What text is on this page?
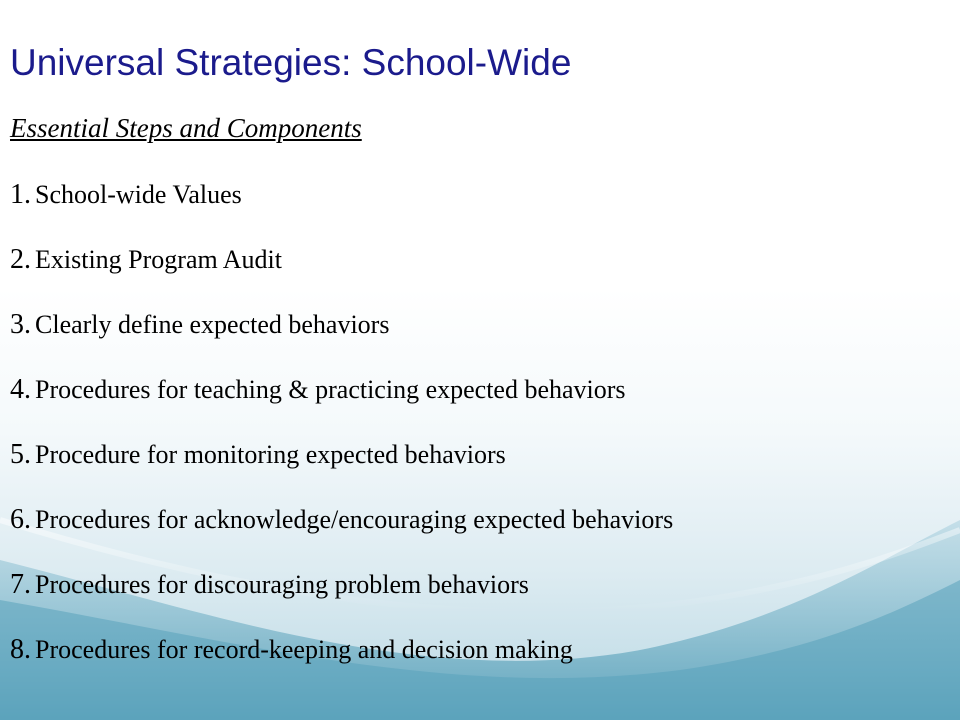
Universal Strategies: School-Wide
Essential Steps and Components
1. School-wide Values
2. Existing Program Audit
3. Clearly define expected behaviors
4. Procedures for teaching & practicing expected behaviors
5. Procedure for monitoring expected behaviors
6. Procedures for acknowledge/encouraging expected behaviors
7. Procedures for discouraging problem behaviors
8. Procedures for record-keeping and decision making
